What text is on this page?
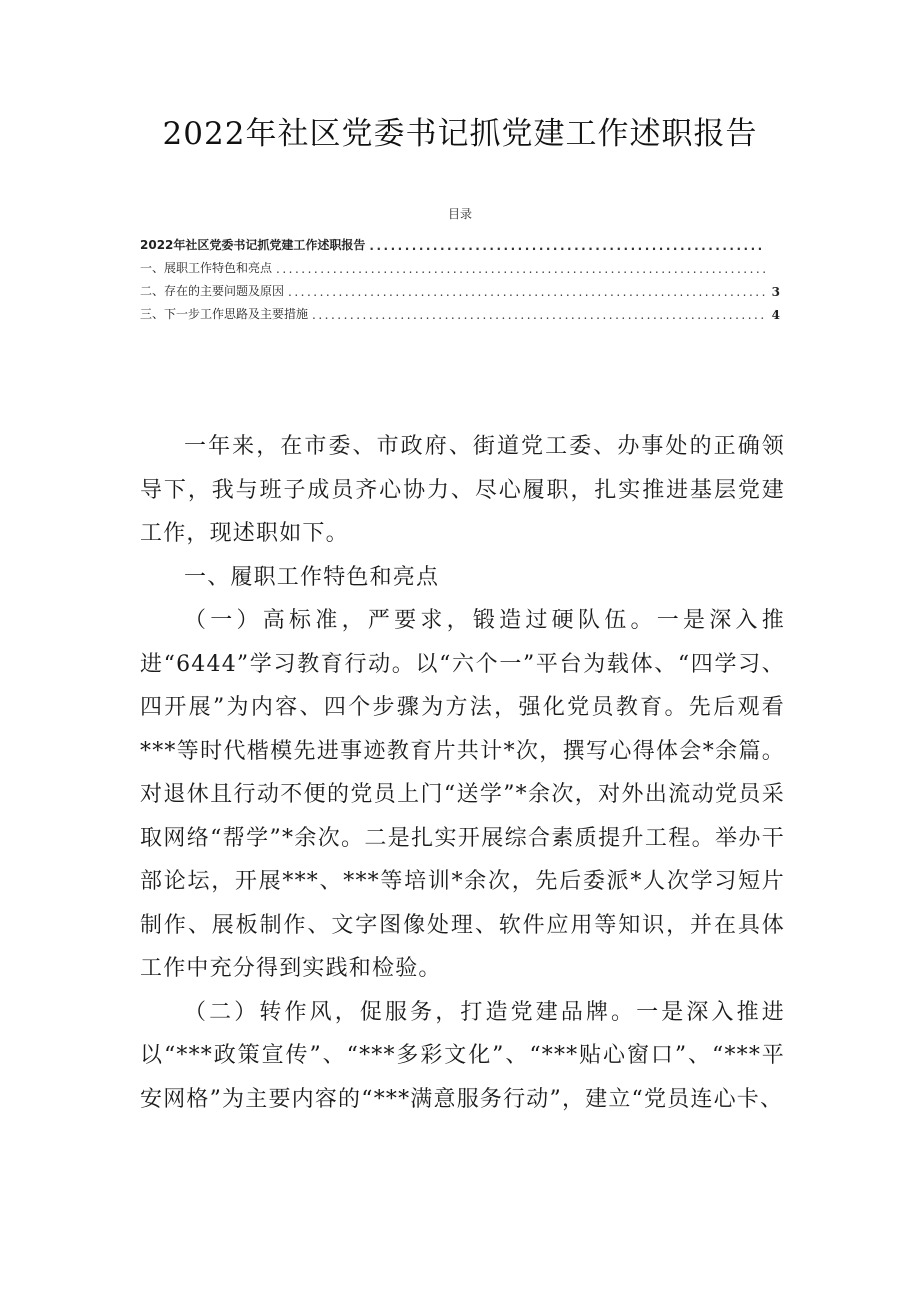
2022年社区党委书记抓党建工作述职报告
目录
2022年社区党委书记抓党建工作述职报告
.....
一、展职工作特色和亮点
.....
二、存在的主要问题及原因 .....	3
三、下一步工作思路及主要措施 .....	4

一年来，在市委、市政府、街道党工委、办事处的正确领导下，我与班子成员齐心协力、尽心履职，扎实推进基层党建工作，现述职如下。

一、履职工作特色和亮点

（一）高标准，严要求，锻造过硬队伍。一是深入推进“6444”学习教育行动。以“六个一”平台为载体、“四学习、四开展”为内容、四个步骤为方法，强化党员教育。先后观看***等时代楷模先进事迹教育片共计*次，撰写心得体会*余篇。对退休且行动不便的党员上门“送学”*余次，对外出流动党员采取网络“帮学”*余次。二是扎实开展综合素质提升工程。举办干部论坛，开展***、***等培训*余次，先后委派*人次学习短片制作、展板制作、文字图像处理、软件应用等知识，并在具体工作中充分得到实践和检验。

（二）转作风，促服务，打造党建品牌。一是深入推进以“***政策宣传”、“***多彩文化”、“***贴心窗口”、“***平安网格”为主要内容的“***满意服务行动”，建立“党员连心卡、
